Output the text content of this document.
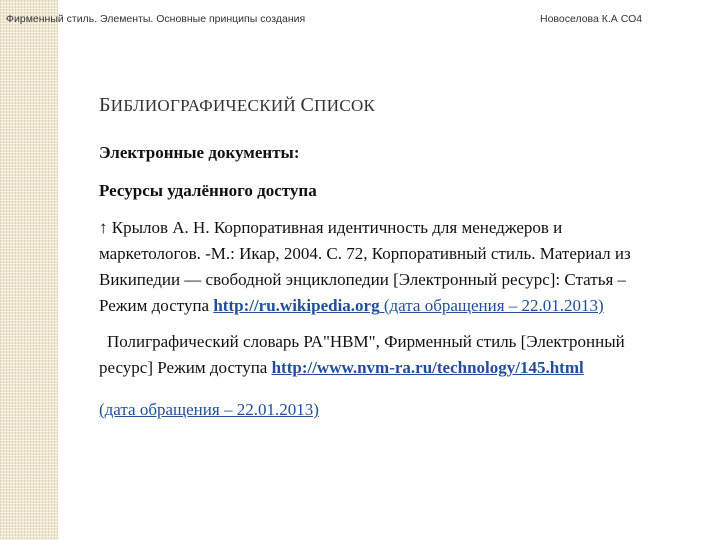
Фирменный стиль. Элементы. Основные принципы создания	Новоселова К.А СО4
БИБЛИОГРАФИЧЕСКИЙ СПИСОК
Электронные документы:
Ресурсы удалённого доступа
↑ Крылов А. Н. Корпоративная идентичность для менеджеров и
маркетологов. -М.: Икар, 2004. С. 72, Корпоративный стиль. Материал из
Википедии — свободной энциклопедии [Электронный ресурс]: Статья –
Режим доступа http://ru.wikipedia.org (дата обращения – 22.01.2013)
Полиграфический словарь РА"НВМ", Фирменный стиль [Электронный
ресурс] Режим доступа http://www.nvm-ra.ru/technology/145.html
(дата обращения – 22.01.2013)
